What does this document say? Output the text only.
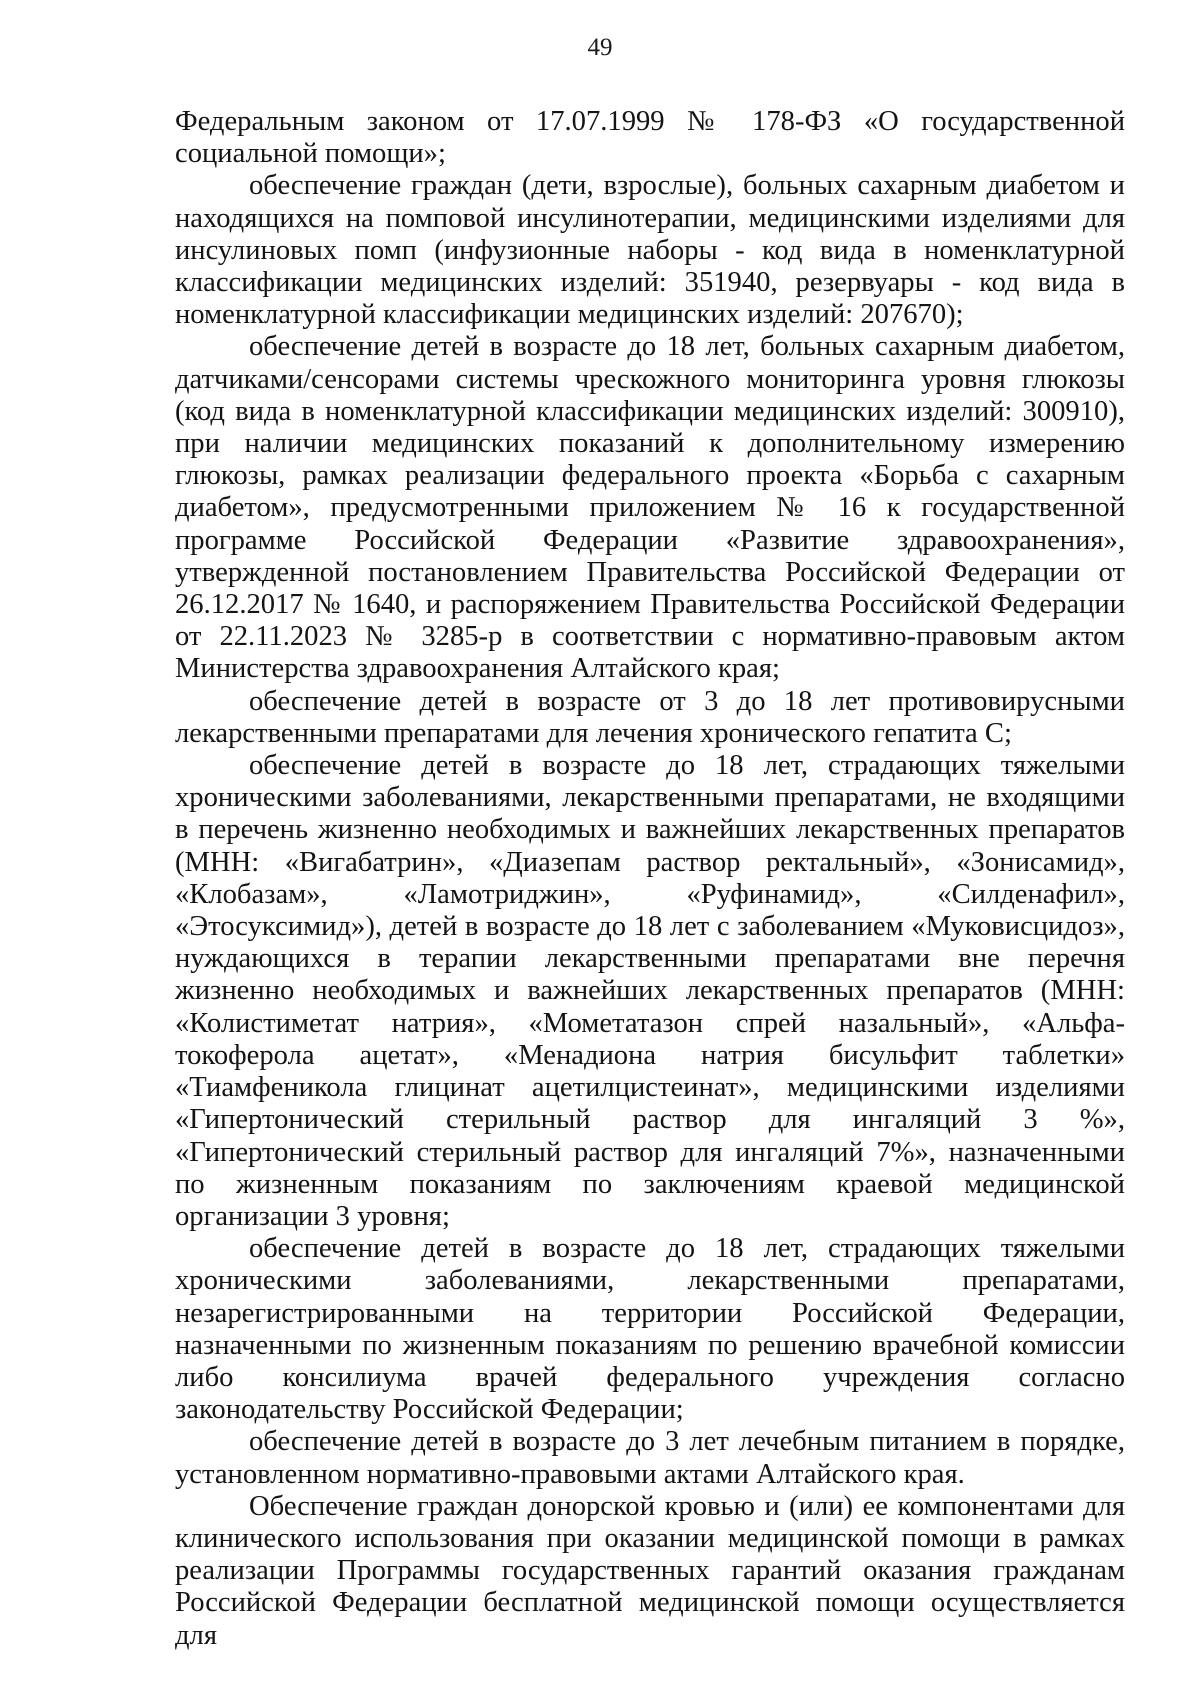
49

Федеральным законом от 17.07.1999 № 178-ФЗ «О государственной социальной помощи»;

обеспечение граждан (дети, взрослые), больных сахарным диабетом и находящихся на помповой инсулинотерапии, медицинскими изделиями для инсулиновых помп (инфузионные наборы - код вида в номенклатурной классификации медицинских изделий: 351940, резервуары - код вида в номенклатурной классификации медицинских изделий: 207670);

обеспечение детей в возрасте до 18 лет, больных сахарным диабетом, датчиками/сенсорами системы чрескожного мониторинга уровня глюкозы (код вида в номенклатурной классификации медицинских изделий: 300910), при наличии медицинских показаний к дополнительному измерению глюкозы, рамках реализации федерального проекта «Борьба с сахарным диабетом», предусмотренными приложением № 16 к государственной программе Российской Федерации «Развитие здравоохранения», утвержденной постановлением Правительства Российской Федерации от 26.12.2017 № 1640, и распоряжением Правительства Российской Федерации от 22.11.2023 № 3285-р в соответствии с нормативно-правовым актом Министерства здравоохранения Алтайского края;

обеспечение детей в возрасте от 3 до 18 лет противовирусными лекарственными препаратами для лечения хронического гепатита С;

обеспечение детей в возрасте до 18 лет, страдающих тяжелыми хроническими заболеваниями, лекарственными препаратами, не входящими в перечень жизненно необходимых и важнейших лекарственных препаратов (МНН: «Вигабатрин», «Диазепам раствор ректальный», «Зонисамид», «Клобазам», «Ламотриджин», «Руфинамид», «Силденафил», «Этосуксимид»), детей в возрасте до 18 лет с заболеванием «Муковисцидоз», нуждающихся в терапии лекарственными препаратами вне перечня жизненно необходимых и важнейших лекарственных препаратов (МНН: «Колистиметат натрия», «Мометатазон спрей назальный», «Альфа-токоферола ацетат», «Менадиона натрия бисульфит таблетки» «Тиамфеникола глицинат ацетилцистеинат», медицинскими изделиями «Гипертонический стерильный раствор для ингаляций 3 %», «Гипертонический стерильный раствор для ингаляций 7%», назначенными по жизненным показаниям по заключениям краевой медицинской организации 3 уровня;

обеспечение детей в возрасте до 18 лет, страдающих тяжелыми хроническими заболеваниями, лекарственными препаратами, незарегистрированными на территории Российской Федерации, назначенными по жизненным показаниям по решению врачебной комиссии либо консилиума врачей федерального учреждения согласно законодательству Российской Федерации;

обеспечение детей в возрасте до 3 лет лечебным питанием в порядке, установленном нормативно-правовыми актами Алтайского края.

Обеспечение граждан донорской кровью и (или) ее компонентами для клинического использования при оказании медицинской помощи в рамках реализации Программы государственных гарантий оказания гражданам Российской Федерации бесплатной медицинской помощи осуществляется для
